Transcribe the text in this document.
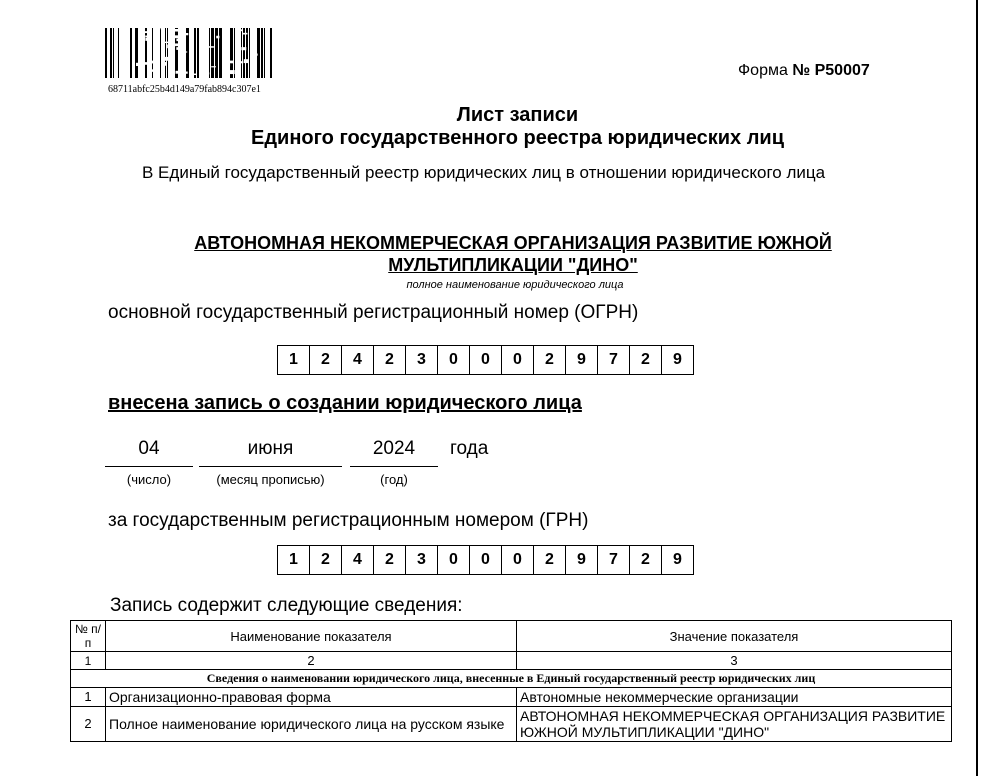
68711abfc25b4d149a79fab894c307e1
Форма № Р50007
Лист записи
Единого государственного реестра юридических лиц
В Единый государственный реестр юридических лиц в отношении юридического лица
АВТОНОМНАЯ НЕКОММЕРЧЕСКАЯ ОРГАНИЗАЦИЯ РАЗВИТИЕ ЮЖНОЙ МУЛЬТИПЛИКАЦИИ "ДИНО"
полное наименование юридического лица
основной государственный регистрационный номер (ОГРН)
1	2	4	2	3	0	0	0	2	9	7	2	9
внесена запись о создании юридического лица
04	июня	2024	года
(число)	(месяц прописью)	(год)
за государственным регистрационным номером (ГРН)
1	2	4	2	3	0	0	0	2	9	7	2	9
Запись содержит следующие сведения:
№ п/п	Наименование показателя	Значение показателя
1	2	3
Сведения о наименовании юридического лица, внесенные в Единый государственный реестр юридических лиц		
1	Организационно-правовая форма	Автономные некоммерческие организации
2	Полное наименование юридического лица на русском языке	АВТОНОМНАЯ НЕКОММЕРЧЕСКАЯ ОРГАНИЗАЦИЯ РАЗВИТИЕ ЮЖНОЙ МУЛЬТИПЛИКАЦИИ "ДИНО"
